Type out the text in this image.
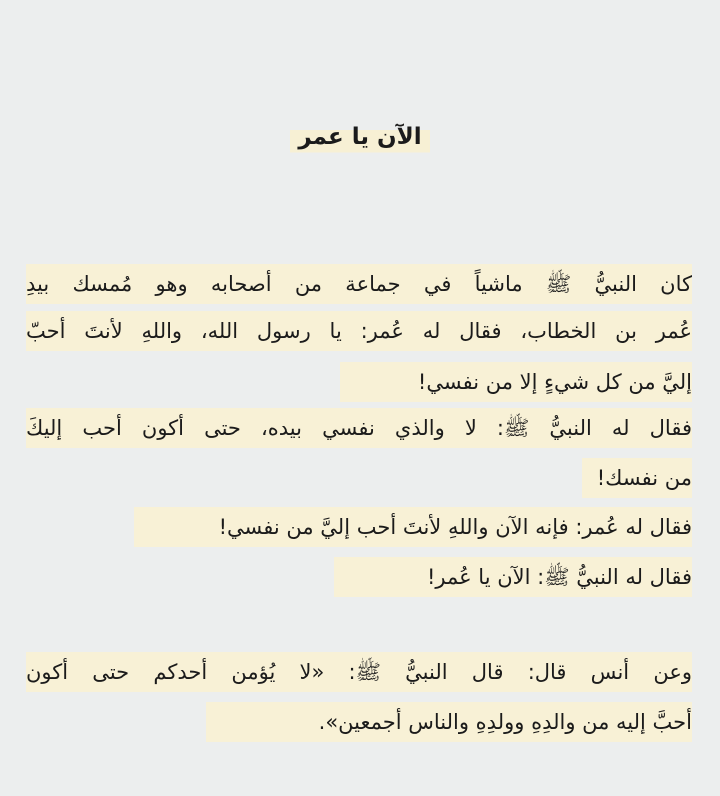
الآن يا عمر
كان النبيُّ ﷺ ماشياً في جماعة من أصحابه وهو مُمسك بيدِ
عُمر بن الخطاب، فقال له عُمر: يا رسول الله، واللهِ لأنتَ أحبّ
إليَّ من كل شيءٍ إلا من نفسي!
فقال له النبيُّ ﷺ: لا والذي نفسي بيده، حتى أكون أحب إليكَ
من نفسك!
فقال له عُمر: فإنه الآن واللهِ لأنتَ أحب إليَّ من نفسي!
فقال له النبيُّ ﷺ: الآن يا عُمر!
وعن أنس قال: قال النبيُّ ﷺ: «لا يُؤمن أحدكم حتى أكون
أحبَّ إليه من والدِهِ وولدِهِ والناس أجمعين».
